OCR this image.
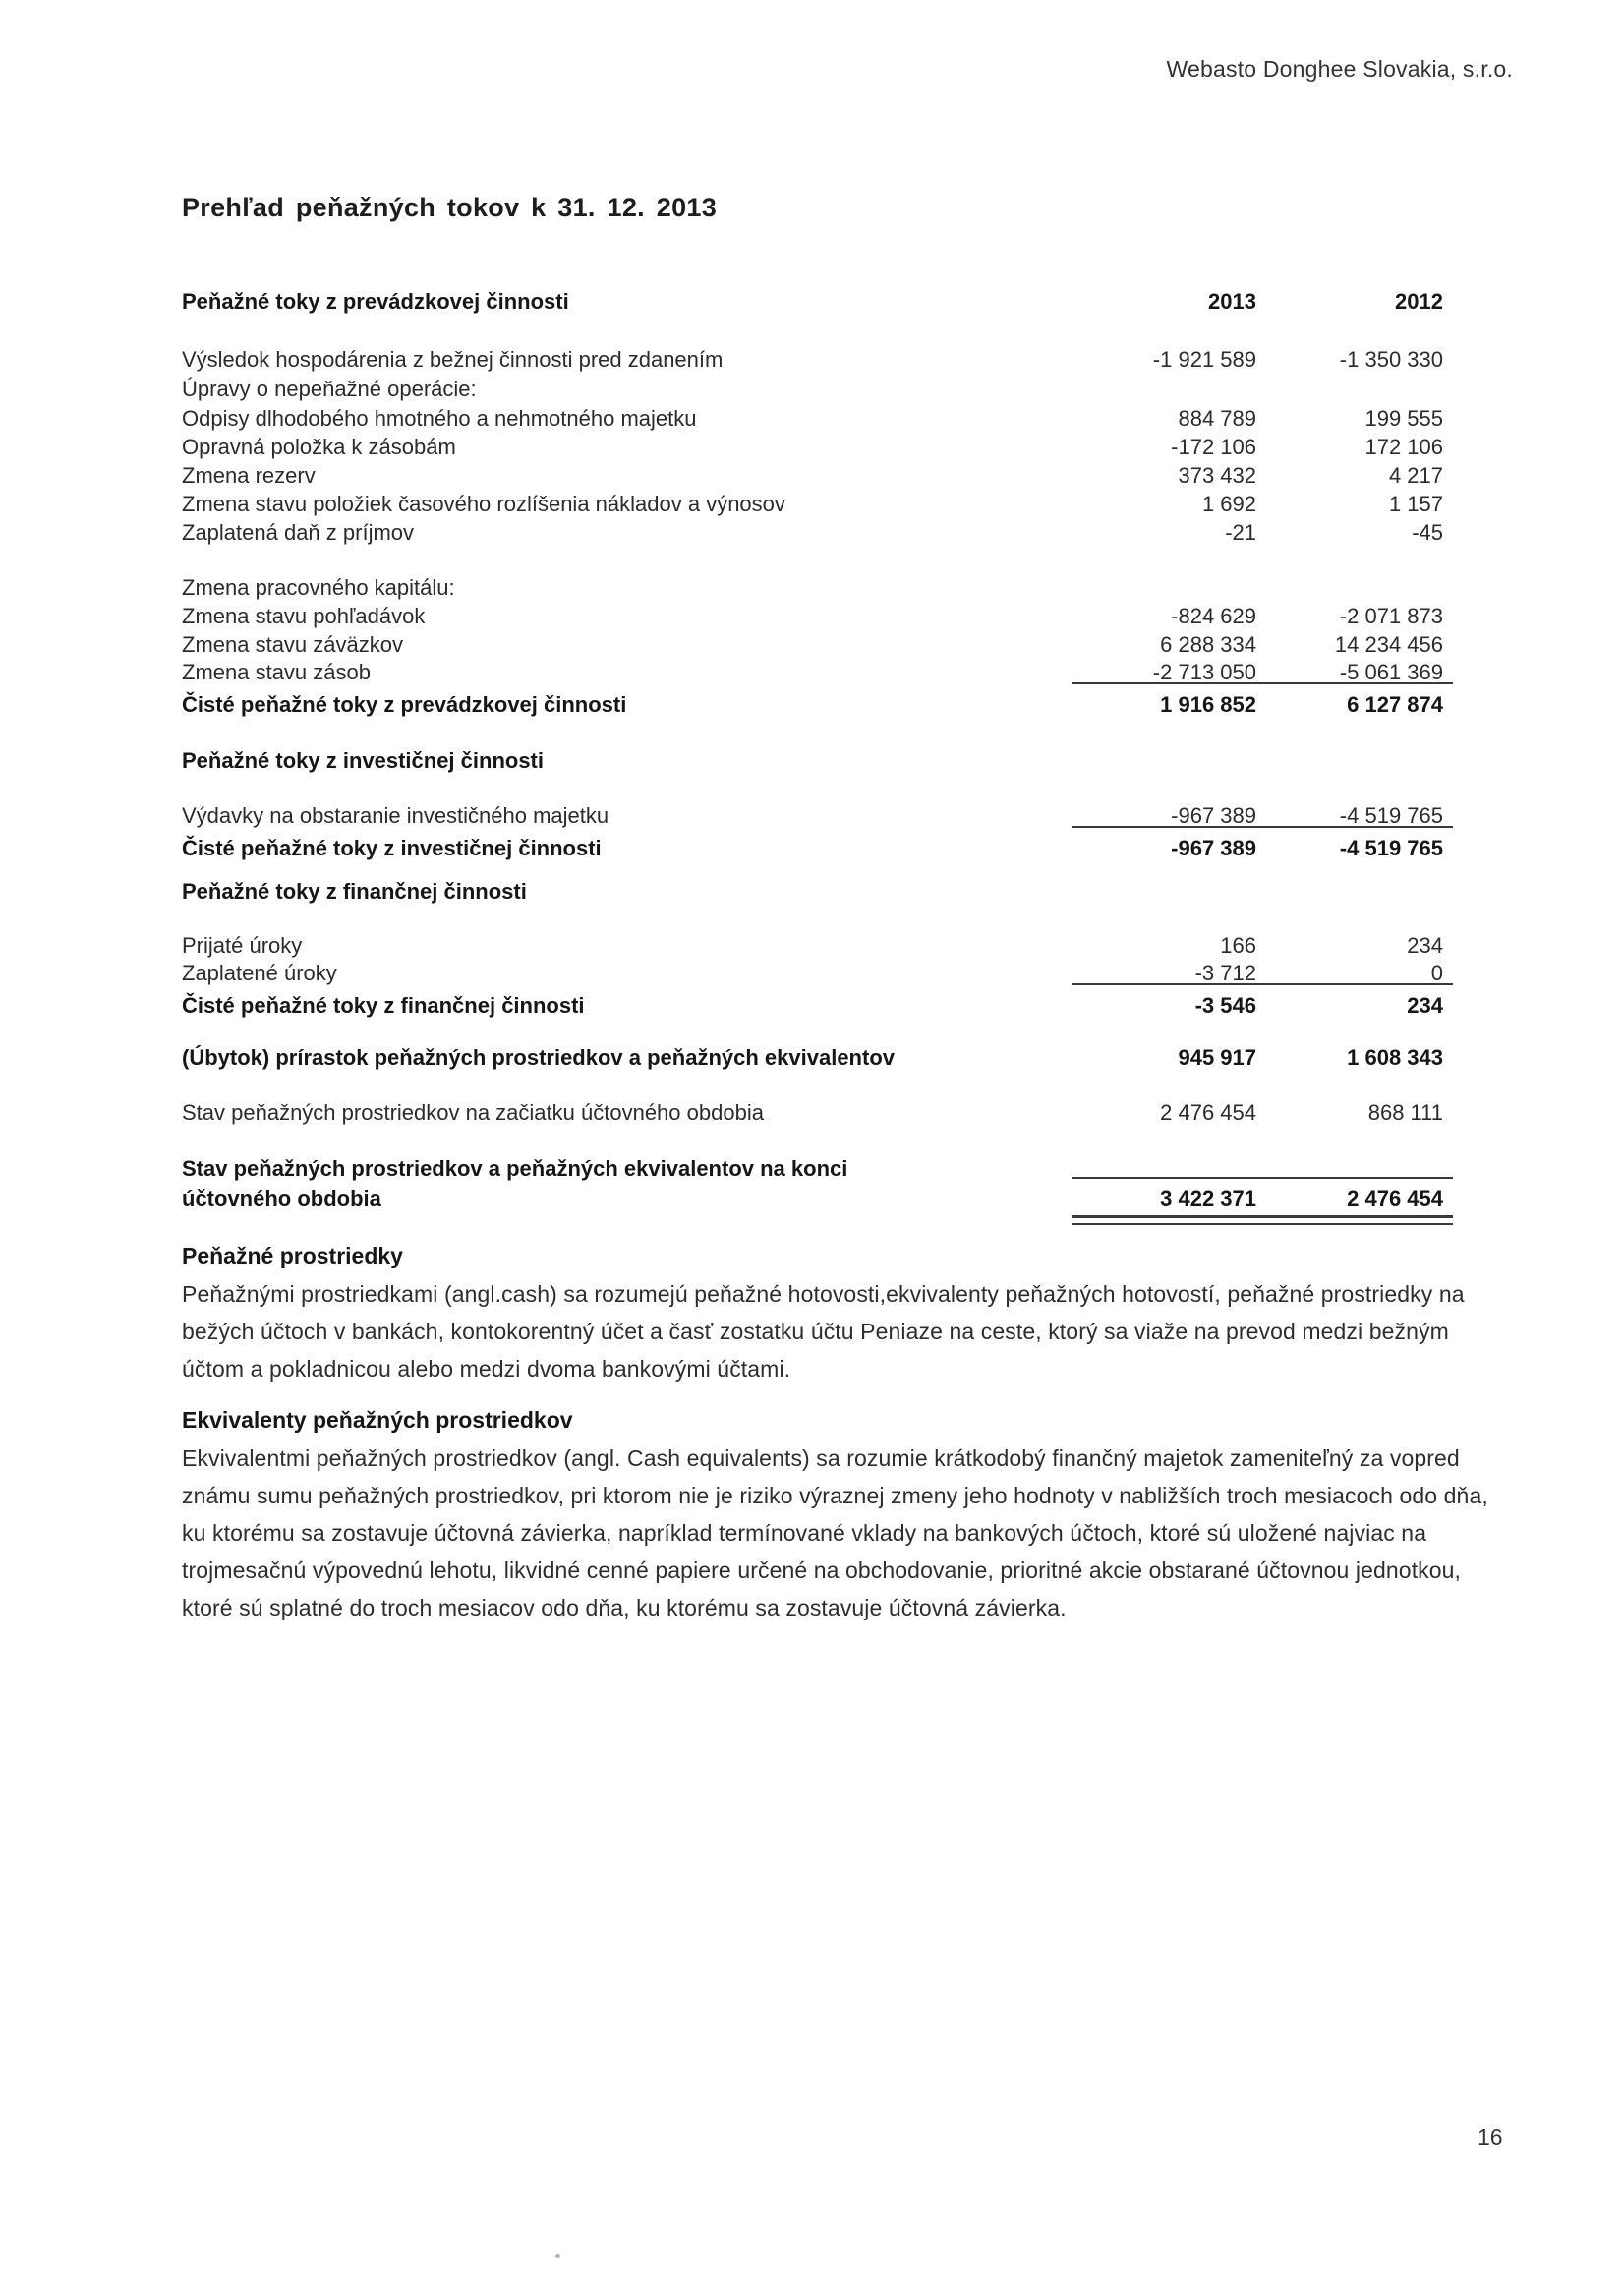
Webasto Donghee Slovakia, s.r.o.
Prehľad peňažných tokov k 31. 12. 2013
Peňažné toky z prevádzkovej činnosti	2013	2012
Výsledok hospodárenia z bežnej činnosti pred zdanením	-1 921 589	-1 350 330
Úpravy o nepeňažné operácie:
Odpisy dlhodobého hmotného a nehmotného majetku	884 789	199 555
Opravná položka k zásobám	-172 106	172 106
Zmena rezerv	373 432	4 217
Zmena stavu položiek časového rozlíšenia nákladov a výnosov	1 692	1 157
Zaplatená daň z príjmov	-21	-45
Zmena pracovného kapitálu:
Zmena stavu pohľadávok	-824 629	-2 071 873
Zmena stavu záväzkov	6 288 334	14 234 456
Zmena stavu zásob	-2 713 050	-5 061 369
Čisté peňažné toky z prevádzkovej činnosti	1 916 852	6 127 874
Peňažné toky z investičnej činnosti
Výdavky na obstaranie investičného majetku	-967 389	-4 519 765
Čisté peňažné toky z investičnej činnosti	-967 389	-4 519 765
Peňažné toky z finančnej činnosti
Prijaté úroky	166	234
Zaplatené úroky	-3 712	0
Čisté peňažné toky z finančnej činnosti	-3 546	234
(Úbytok) prírastok peňažných prostriedkov a peňažných ekvivalentov	945 917	1 608 343
Stav peňažných prostriedkov na začiatku účtovného obdobia	2 476 454	868 111
Stav peňažných prostriedkov a peňažných ekvivalentov na konci
účtovného obdobia	3 422 371	2 476 454
Peňažné prostriedky

Peňažnými prostriedkami (angl.cash) sa rozumejú peňažné hotovosti,ekvivalenty peňažných hotovostí, peňažné prostriedky na bežých účtoch v bankách, kontokorentný účet a časť zostatku účtu Peniaze na ceste, ktorý sa viaže na prevod medzi bežným účtom a pokladnicou alebo medzi dvoma bankovými účtami.

Ekvivalenty peňažných prostriedkov

Ekvivalentmi peňažných prostriedkov (angl. Cash equivalents) sa rozumie krátkodobý finančný majetok zameniteľný za vopred známu sumu peňažných prostriedkov, pri ktorom nie je riziko výraznej zmeny jeho hodnoty v nabližších troch mesiacoch odo dňa, ku ktorému sa zostavuje účtovná závierka, napríklad termínované vklady na bankových účtoch, ktoré sú uložené najviac na trojmesačnú výpovednú lehotu, likvidné cenné papiere určené na obchodovanie, prioritné akcie obstarané účtovnou jednotkou, ktoré sú splatné do troch mesiacov odo dňa, ku ktorému sa zostavuje účtovná závierka.

16
